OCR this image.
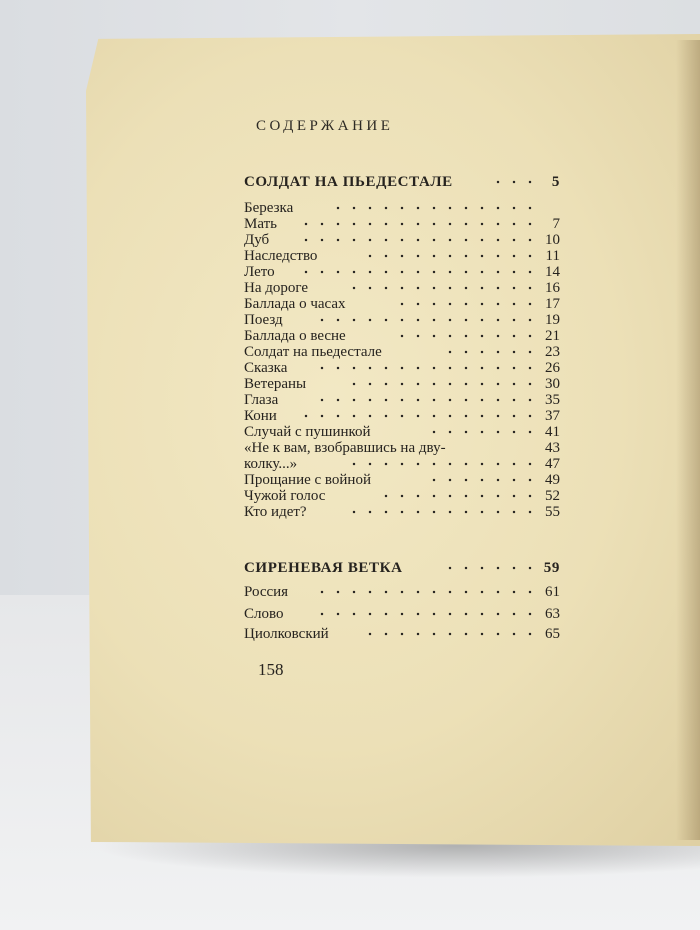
СОДЕРЖАНИЕ
СОЛДАТ НА ПЬЕДЕСТАЛЕ	5
Березка
Мать	7
Дуб	10
Наследство	11
Лето	14
На дороге	16
Баллада о часах	17
Поезд	19
Баллада о весне	21
Солдат на пьедестале	23
Сказка	26
Ветераны	30
Глаза	35
Кони	37
Случай с пушинкой	41
«Не к вам, взобравшись на дву-	43
колку...»	47
Прощание с войной	49
Чужой голос	52
Кто идет?	55
СИРЕНЕВАЯ ВЕТКА	59
Россия	61
Слово	63
Циолковский	65
158
